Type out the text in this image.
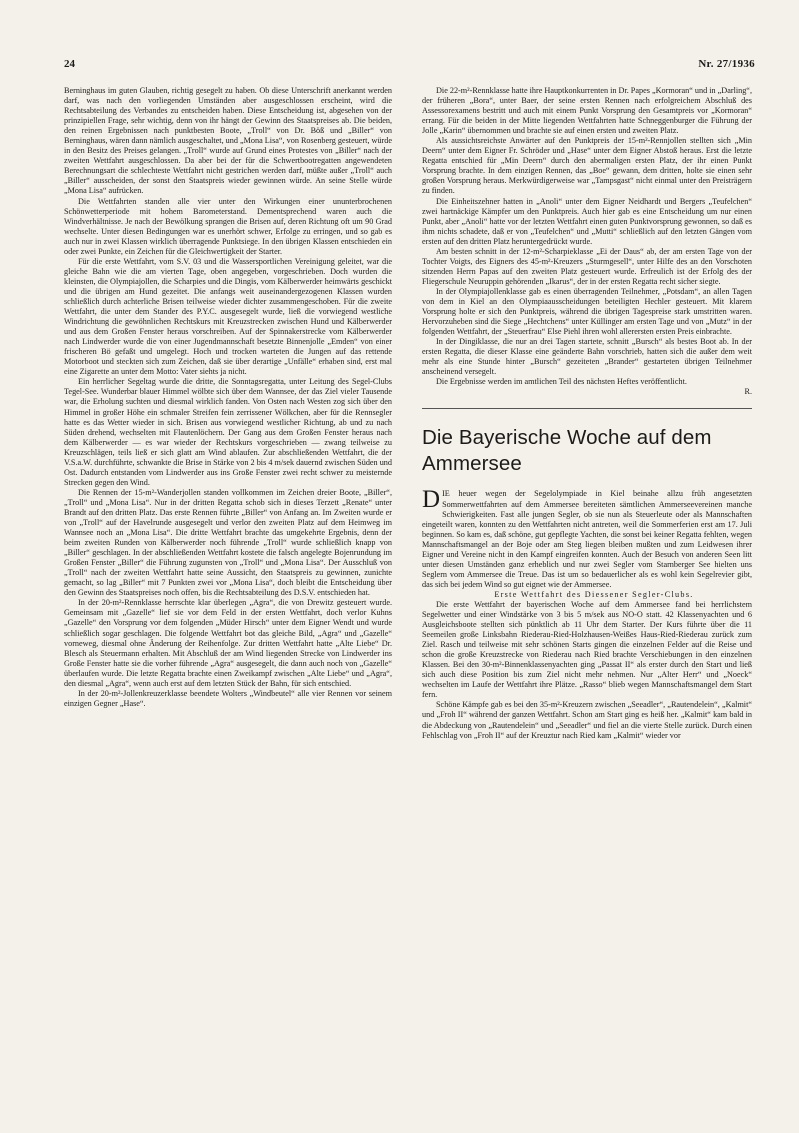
24	Nr. 27/1936

Berninghaus im guten Glauben, richtig gesegelt zu haben. Ob diese Unterschrift anerkannt werden darf, was nach den vorliegenden Umständen aber ausgeschlossen erscheint, wird die Rechtsabteilung des Verbandes zu entscheiden haben. Diese Entscheidung ist, abgesehen von der prinzipiellen Frage, sehr wichtig, denn von ihr hängt der Gewinn des Staatspreises ab. Die beiden, den reinen Ergebnissen nach punktbesten Boote, „Troll“ von Dr. Böß und „Biller“ von Berninghaus, wären dann nämlich ausgeschaltet, und „Mona Lisa“, von Rosenberg gesteuert, würde in den Besitz des Preises gelangen. „Troll“ wurde auf Grund eines Protestes von „Biller“ nach der zweiten Wettfahrt ausgeschlossen. Da aber bei der für die Schwertbootregatten angewendeten Berechnungsart die schlechteste Wettfahrt nicht gestrichen werden darf, müßte außer „Troll“ auch „Biller“ ausscheiden, der sonst den Staatspreis wieder gewinnen würde. An seine Stelle würde „Mona Lisa“ aufrücken.

Die Wettfahrten standen alle vier unter den Wirkungen einer ununterbrochenen Schönwetterperiode mit hohem Barometerstand. Dementsprechend waren auch die Windverhältnisse. Je nach der Bewölkung sprangen die Brisen auf, deren Richtung oft um 90 Grad wechselte. Unter diesen Bedingungen war es unerhört schwer, Erfolge zu erringen, und so gab es auch nur in zwei Klassen wirklich überragende Punktsiege. In den übrigen Klassen entschieden ein oder zwei Punkte, ein Zeichen für die Gleichwertigkeit der Starter.

Für die erste Wettfahrt, vom S.V. 03 und die Wassersportlichen Vereinigung geleitet, war die gleiche Bahn wie die am vierten Tage, oben angegeben, vorgeschrieben. Doch wurden die kleinsten, die Olympiajollen, die Scharpies und die Dingis, vom Kälberwerder heimwärts geschickt und die übrigen am Hund gezeitet. Die anfangs weit auseinandergezogenen Klassen wurden schließlich durch achterliche Brisen teilweise wieder dichter zusammengeschoben. Für die zweite Wettfahrt, die unter dem Stander des P.Y.C. ausgesegelt wurde, ließ die vorwiegend westliche Windrichtung die gewöhnlichen Rechtskurs mit Kreuzstrecken zwischen Hund und Kälberwerder und aus dem Großen Fenster heraus vorschreiben. Auf der Spinnakerstrecke vom Kälberwerder nach Lindwerder wurde die von einer Jugendmannschaft besetzte Binnenjolle „Emden“ von einer frischeren Bö gefaßt und umgelegt. Hoch und trocken warteten die Jungen auf das rettende Motorboot und steckten sich zum Zeichen, daß sie über derartige „Unfälle“ erhaben sind, erst mal eine Zigarette an unter dem Motto: Vater siehts ja nicht.

Ein herrlicher Segeltag wurde die dritte, die Sonntagsregatta, unter Leitung des Segel-Clubs Tegel-See. Wunderbar blauer Himmel wölbte sich über dem Wannsee, der das Ziel vieler Tausende war, die Erholung suchten und diesmal wirklich fanden. Von Osten nach Westen zog sich über den Himmel in großer Höhe ein schmaler Streifen fein zerrissener Wölkchen, aber für die Rennsegler hatte es das Wetter wieder in sich. Brisen aus vorwiegend westlicher Richtung, ab und zu nach Süden drehend, wechselten mit Flautenlöchern. Der Gang aus dem Großen Fenster heraus nach dem Kälberwerder — es war wieder der Rechtskurs vorgeschrieben — zwang teilweise zu Kreuzschlägen, teils ließ er sich glatt am Wind ablaufen. Zur abschließenden Wettfahrt, die der V.S.a.W. durchführte, schwankte die Brise in Stärke von 2 bis 4 m/sek dauernd zwischen Süden und Ost. Dadurch entstanden vom Lindwerder aus ins Große Fenster zwei recht schwer zu meisternde Strecken gegen den Wind.

Die Rennen der 15-m²-Wanderjollen standen vollkommen im Zeichen dreier Boote, „Biller“, „Troll“ und „Mona Lisa“. Nur in der dritten Regatta schob sich in dieses Terzett „Renate“ unter Brandt auf den dritten Platz. Das erste Rennen führte „Biller“ von Anfang an. Im Zweiten wurde er von „Troll“ auf der Havelrunde ausgesegelt und verlor den zweiten Platz auf dem Heimweg im Wannsee noch an „Mona Lisa“. Die dritte Wettfahrt brachte das umgekehrte Ergebnis, denn der beim zweiten Runden von Kälberwerder noch führende „Troll“ wurde schließlich knapp von „Biller“ geschlagen. In der abschließenden Wettfahrt kostete die falsch angelegte Bojenrundung im Großen Fenster „Biller“ die Führung zugunsten von „Troll“ und „Mona Lisa“. Der Ausschluß von „Troll“ nach der zweiten Wettfahrt hatte seine Aussicht, den Staatspreis zu gewinnen, zunichte gemacht, so lag „Biller“ mit 7 Punkten zwei vor „Mona Lisa“, doch bleibt die Entscheidung über den Gewinn des Staatspreises noch offen, bis die Rechtsabteilung des D.S.V. entschieden hat.

In der 20-m²-Rennklasse herrschte klar überlegen „Agra“, die von Drewitz gesteuert wurde. Gemeinsam mit „Gazelle“ lief sie vor dem Feld in der ersten Wettfahrt, doch verlor Kuhns „Gazelle“ den Vorsprung vor dem folgenden „Müder Hirsch“ unter dem Eigner Wendt und wurde schließlich sogar geschlagen. Die folgende Wettfahrt bot das gleiche Bild, „Agra“ und „Gazelle“ vorneweg, diesmal ohne Änderung der Reihenfolge. Zur dritten Wettfahrt hatte „Alte Liebe“ Dr. Blesch als Steuermann erhalten. Mit Abschluß der am Wind liegenden Strecke von Lindwerder ins Große Fenster hatte sie die vorher führende „Agra“ ausgesegelt, die dann auch noch von „Gazelle“ überlaufen wurde. Die letzte Regatta brachte einen Zweikampf zwischen „Alte Liebe“ und „Agra“, den diesmal „Agra“, wenn auch erst auf dem letzten Stück der Bahn, für sich entschied.

In der 20-m²-Jollenkreuzerklasse beendete Wolters „Windbeutel“ alle vier Rennen vor seinem einzigen Gegner „Hase“.

Die 22-m²-Rennklasse hatte ihre Hauptkonkurrenten in Dr. Papes „Kormoran“ und in „Darling“, der früheren „Bora“, unter Baer, der seine ersten Rennen nach erfolgreichem Abschluß des Assessorexamens bestritt und auch mit einem Punkt Vorsprung den Gesamtpreis vor „Kormoran“ errang. Für die beiden in der Mitte liegenden Wettfahrten hatte Schneggenburger die Führung der Jolle „Karin“ übernommen und brachte sie auf einen ersten und zweiten Platz.

Als aussichtsreichste Anwärter auf den Punktpreis der 15-m²-Rennjollen stellten sich „Min Deern“ unter dem Eigner Fr. Schröder und „Hase“ unter dem Eigner Abstoß heraus. Erst die letzte Regatta entschied für „Min Deern“ durch den abermaligen ersten Platz, der ihr einen Punkt Vorsprung brachte. In dem einzigen Rennen, das „Boe“ gewann, dem dritten, holte sie einen sehr großen Vorsprung heraus. Merkwürdigerweise war „Tampsgast“ nicht einmal unter den Preisträgern zu finden.

Die Einheitszehner hatten in „Anoli“ unter dem Eigner Neidhardt und Bergers „Teufelchen“ zwei hartnäckige Kämpfer um den Punktpreis. Auch hier gab es eine Entscheidung um nur einen Punkt, aber „Anoli“ hatte vor der letzten Wettfahrt einen guten Punktvorsprung gewonnen, so daß es ihm nichts schadete, daß er von „Teufelchen“ und „Mutti“ schließlich auf den letzten Gängen vom ersten auf den dritten Platz heruntergedrückt wurde.

Am besten schnitt in der 12-m²-Scharpieklasse „Ei der Daus“ ab, der am ersten Tage von der Tochter Voigts, des Eigners des 45-m²-Kreuzers „Sturmgesell“, unter Hilfe des an den Vorschoten sitzenden Herrn Papas auf den zweiten Platz gesteuert wurde. Erfreulich ist der Erfolg des der Fliegerschule Neuruppin gehörenden „Ikarus“, der in der ersten Regatta recht sicher siegte.

In der Olympiajollenklasse gab es einen überragenden Teilnehmer, „Potsdam“, an allen Tagen von dem in Kiel an den Olympiaausscheidungen beteiligten Hechler gesteuert. Mit klarem Vorsprung holte er sich den Punktpreis, während die übrigen Tagespreise stark umstritten waren. Hervorzuheben sind die Siege „Hechtchens“ unter Küllinger am ersten Tage und von „Mutz“ in der folgenden Wettfahrt, der „Steuerfrau“ Else Piehl ihren wohl allerersten ersten Preis einbrachte.

In der Dingiklasse, die nur an drei Tagen startete, schnitt „Bursch“ als bestes Boot ab. In der ersten Regatta, die dieser Klasse eine geänderte Bahn vorschrieb, hatten sich die außer dem weit mehr als eine Stunde hinter „Bursch“ gezeiteten „Brander“ gestarteten übrigen Teilnehmer anscheinend versegelt.

Die Ergebnisse werden im amtlichen Teil des nächsten Heftes veröffentlicht.

R.
Die Bayerische Woche auf dem Ammersee

DIE heuer wegen der Segelolympiade in Kiel beinahe allzu früh angesetzten Sommerwettfahrten auf dem Ammersee bereiteten sämtlichen Ammerseevereinen manche Schwierigkeiten. Fast alle jungen Segler, ob sie nun als Steuerleute oder als Mannschaften eingeteilt waren, konnten zu den Wettfahrten nicht antreten, weil die Sommerferien erst am 17. Juli beginnen. So kam es, daß schöne, gut gepflegte Yachten, die sonst bei keiner Regatta fehlten, wegen Mannschaftsmangel an der Boje oder am Steg liegen bleiben mußten und zum Leidwesen ihrer Eigner und Vereine nicht in den Kampf eingreifen konnten. Auch der Besuch von anderen Seen litt unter diesen Umständen ganz erheblich und nur zwei Segler vom Starnberger See hielten uns Seglern vom Ammersee die Treue. Das ist um so bedauerlicher als es wohl kein Segelrevier gibt, das sich bei jedem Wind so gut eignet wie der Ammersee.

Erste Wettfahrt des Diessener Segler-Clubs.

Die erste Wettfahrt der bayerischen Woche auf dem Ammersee fand bei herrlichstem Segelwetter und einer Windstärke von 3 bis 5 m/sek aus NO-O statt. 42 Klassenyachten und 6 Ausgleichsboote stellten sich pünktlich ab 11 Uhr dem Starter. Der Kurs führte über die 11 Seemeilen große Linksbahn Riederau-Ried-Holzhausen-Weißes Haus-Ried-Riederau zurück zum Ziel. Rasch und teilweise mit sehr schönen Starts gingen die einzelnen Felder auf die Reise und schon die große Kreuzstrecke von Riederau nach Ried brachte Verschiebungen in den einzelnen Klassen. Bei den 30-m²-Binnenklassenyachten ging „Passat II“ als erster durch den Start und ließ sich auch diese Position bis zum Ziel nicht mehr nehmen. Nur „Alter Herr“ und „Noeck“ wechselten im Laufe der Wettfahrt ihre Plätze. „Rasso“ blieb wegen Mannschaftsmangel dem Start fern.

Schöne Kämpfe gab es bei den 35-m²-Kreuzern zwischen „Seeadler“, „Rautendelein“, „Kalmit“ und „Froh II“ während der ganzen Wettfahrt. Schon am Start ging es heiß her. „Kalmit“ kam bald in die Abdeckung von „Rautendelein“ und „Seeadler“ und fiel an die vierte Stelle zurück. Durch einen Fehlschlag von „Froh II“ auf der Kreuztur nach Ried kam „Kalmit“ wieder vor
